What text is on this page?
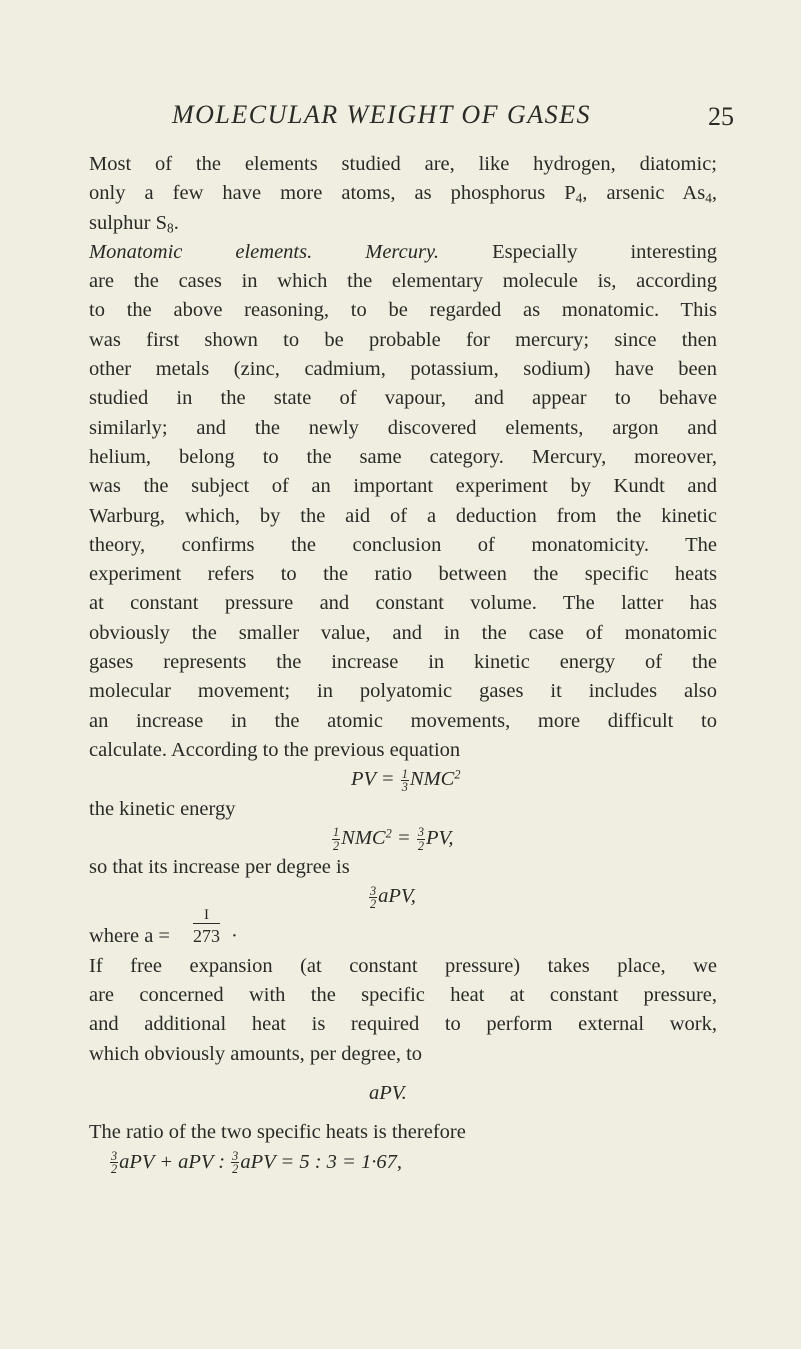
MOLECULAR WEIGHT OF GASES	25
Most of the elements studied are, like hydrogen, diatomic;
only a few have more atoms, as phosphorus $P_4$, arsenic $As_4$,
sulphur $S_8$.
Monatomic elements.	Mercury.	Especially interesting
are the cases in which the elementary molecule is, according
to the above reasoning, to be regarded as monatomic. This
was first shown to be probable for mercury; since then
other metals (zinc, cadmium, potassium, sodium) have been
studied in the state of vapour, and appear to behave
similarly; and the newly discovered elements, argon and
helium, belong to the same category. Mercury, moreover,
was the subject of an important experiment by Kundt and
Warburg, which, by the aid of a deduction from the kinetic
theory, confirms the conclusion of monatomicity. The
experiment refers to the ratio between the specific heats
at constant pressure and constant volume. The latter has
obviously the smaller value, and in the case of monatomic
gases represents the increase in kinetic energy of the
molecular movement; in polyatomic gases it includes also
an increase in the atomic movements, more difficult to
calculate. According to the previous equation
PV = $\frac{1}{3} NMC^2$
the kinetic energy
$\frac{1}{2} NMC^2 = \frac{3}{2}$ PV,
so that its increase per degree is
$\frac{3}{2}$ aPV,
where a =
I
273 ·
If free expansion (at constant pressure) takes place, we
are concerned with the specific heat at constant pressure,
and additional heat is required to perform external work,
which obviously amounts, per degree, to
aPV.
The ratio of the two specific heats is therefore
$\frac{3}{2}$ aPV + aPV : $\frac{3}{2}$ aPV = 5 : 3 = 1·67,
